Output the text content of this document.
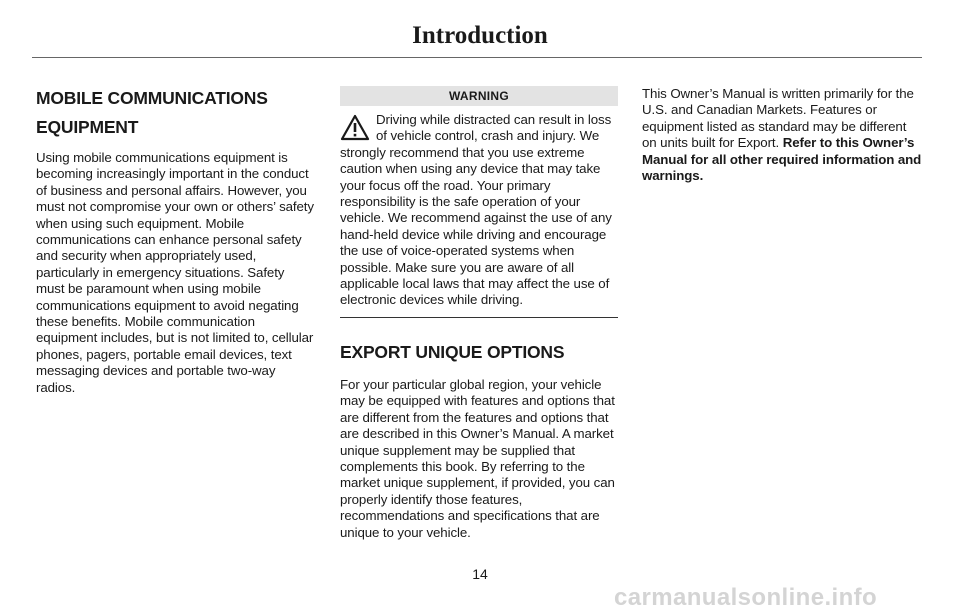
Introduction
MOBILE COMMUNICATIONS
EQUIPMENT

Using mobile communications equipment is becoming increasingly important in the conduct of business and personal affairs. However, you must not compromise your own or others’ safety when using such equipment. Mobile communications can enhance personal safety and security when appropriately used, particularly in emergency situations. Safety must be paramount when using mobile communications equipment to avoid negating these benefits. Mobile communication equipment includes, but is not limited to, cellular phones, pagers, portable email devices, text messaging devices and portable two-way radios.

WARNING

Driving while distracted can result in loss of vehicle control, crash and injury. We strongly recommend that you use extreme caution when using any device that may take your focus off the road. Your primary responsibility is the safe operation of your vehicle. We recommend against the use of any hand-held device while driving and encourage the use of voice-operated systems when possible. Make sure you are aware of all applicable local laws that may affect the use of electronic devices while driving.

EXPORT UNIQUE OPTIONS

For your particular global region, your vehicle may be equipped with features and options that are different from the features and options that are described in this Owner’s Manual. A market unique supplement may be supplied that complements this book. By referring to the market unique supplement, if provided, you can properly identify those features, recommendations and specifications that are unique to your vehicle.

This Owner’s Manual is written primarily for the U.S. and Canadian Markets. Features or equipment listed as standard may be different on units built for Export. Refer to this Owner’s Manual for all other required information and warnings.

14
carmanualsonline.info
